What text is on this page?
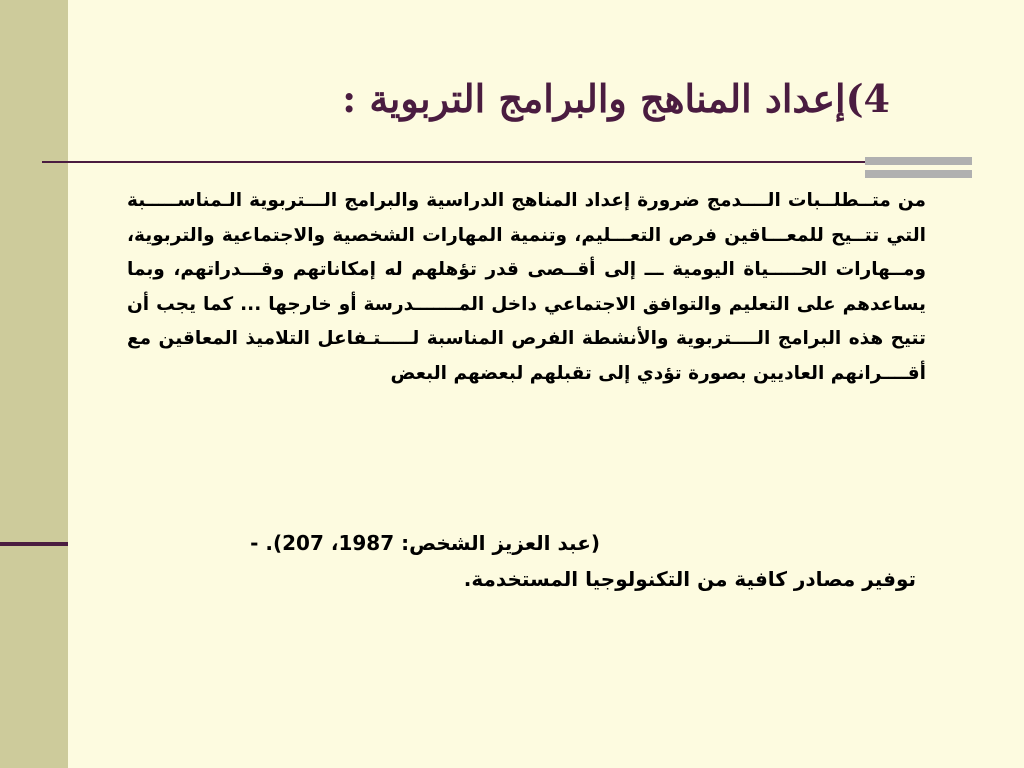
4)إعداد المناهج والبرامج التربوية :

من متــطلــبات الــــدمج ضرورة إعداد المناهج الدراسية والبرامج الـــتربوية الـمناســـــبة التي تتــيح للمعـــاقين فرص التعـــليم، وتنمية المهارات الشخصية والاجتماعية والتربوية، ومــهارات الحـــــياة اليومية ـــ إلى أقــصى قدر تؤهلهم له إمكاناتهم وقـــدراتهم، وبما يساعدهم على التعليم والتوافق الاجتماعي داخل المـــــــدرسة أو خارجها ... كما يجب أن تتيح هذه البرامج الــــتربوية والأنشطة الفرص المناسبة لـــــتـفاعل التلاميذ المعاقين مع أقــــرانهم العاديين بصورة تؤدي إلى تقبلهم لبعضهم البعض

(عبد العزيز الشخص: 1987، 207). -

توفير مصادر كافية من التكنولوجيا المستخدمة.
